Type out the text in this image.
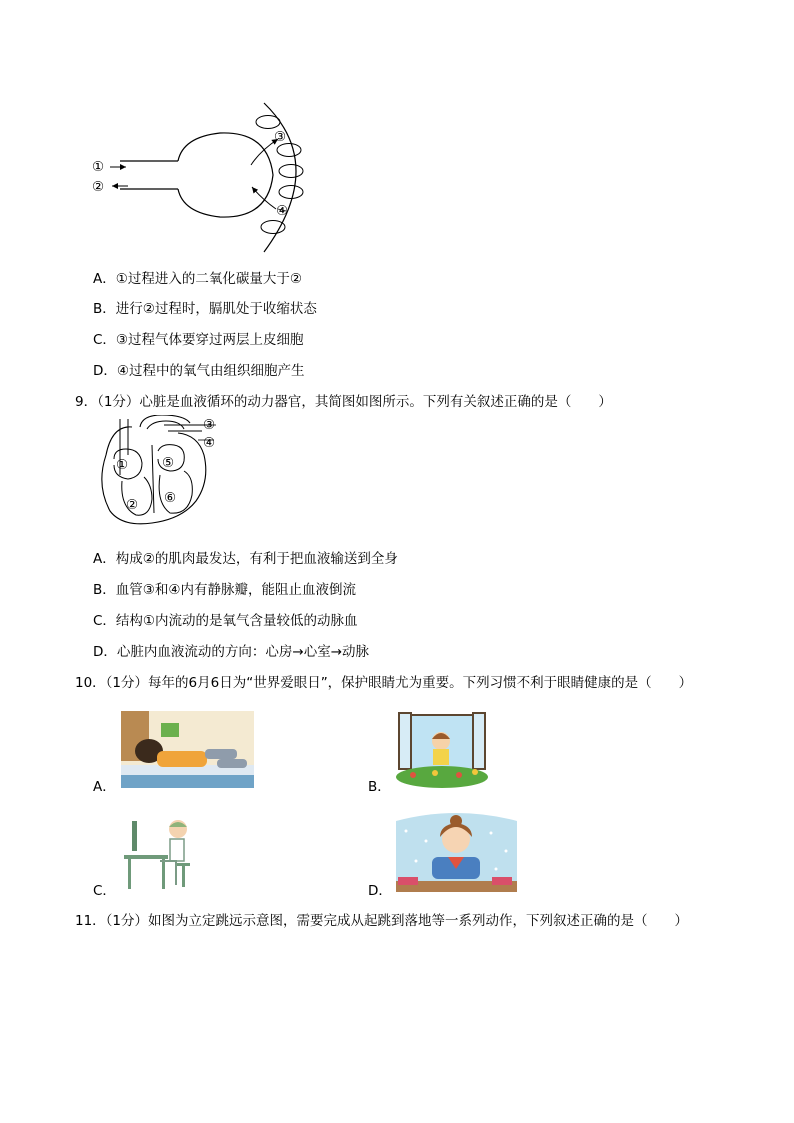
①
②
③
④
A．①过程进入的二氧化碳量大于②
B．进行②过程时，膈肌处于收缩状态
C．③过程气体要穿过两层上皮细胞
D．④过程中的氧气由组织细胞产生
9．（1分）心脏是血液循环的动力器官，其简图如图所示。下列有关叙述正确的是（　　）
①
②
③
④
⑤
⑥
A．构成②的肌肉最发达，有利于把血液输送到全身
B．血管③和④内有静脉瓣，能阻止血液倒流
C．结构①内流动的是氧气含量较低的动脉血
D．心脏内血液流动的方向：心房→心室→动脉
10．（1分）每年的6月6日为“世界爱眼日”，保护眼睛尤为重要。下列习惯不利于眼睛健康的是（　　）
A．	B．
C．	D．
11．（1分）如图为立定跳远示意图，需要完成从起跳到落地等一系列动作，下列叙述正确的是（　　）
